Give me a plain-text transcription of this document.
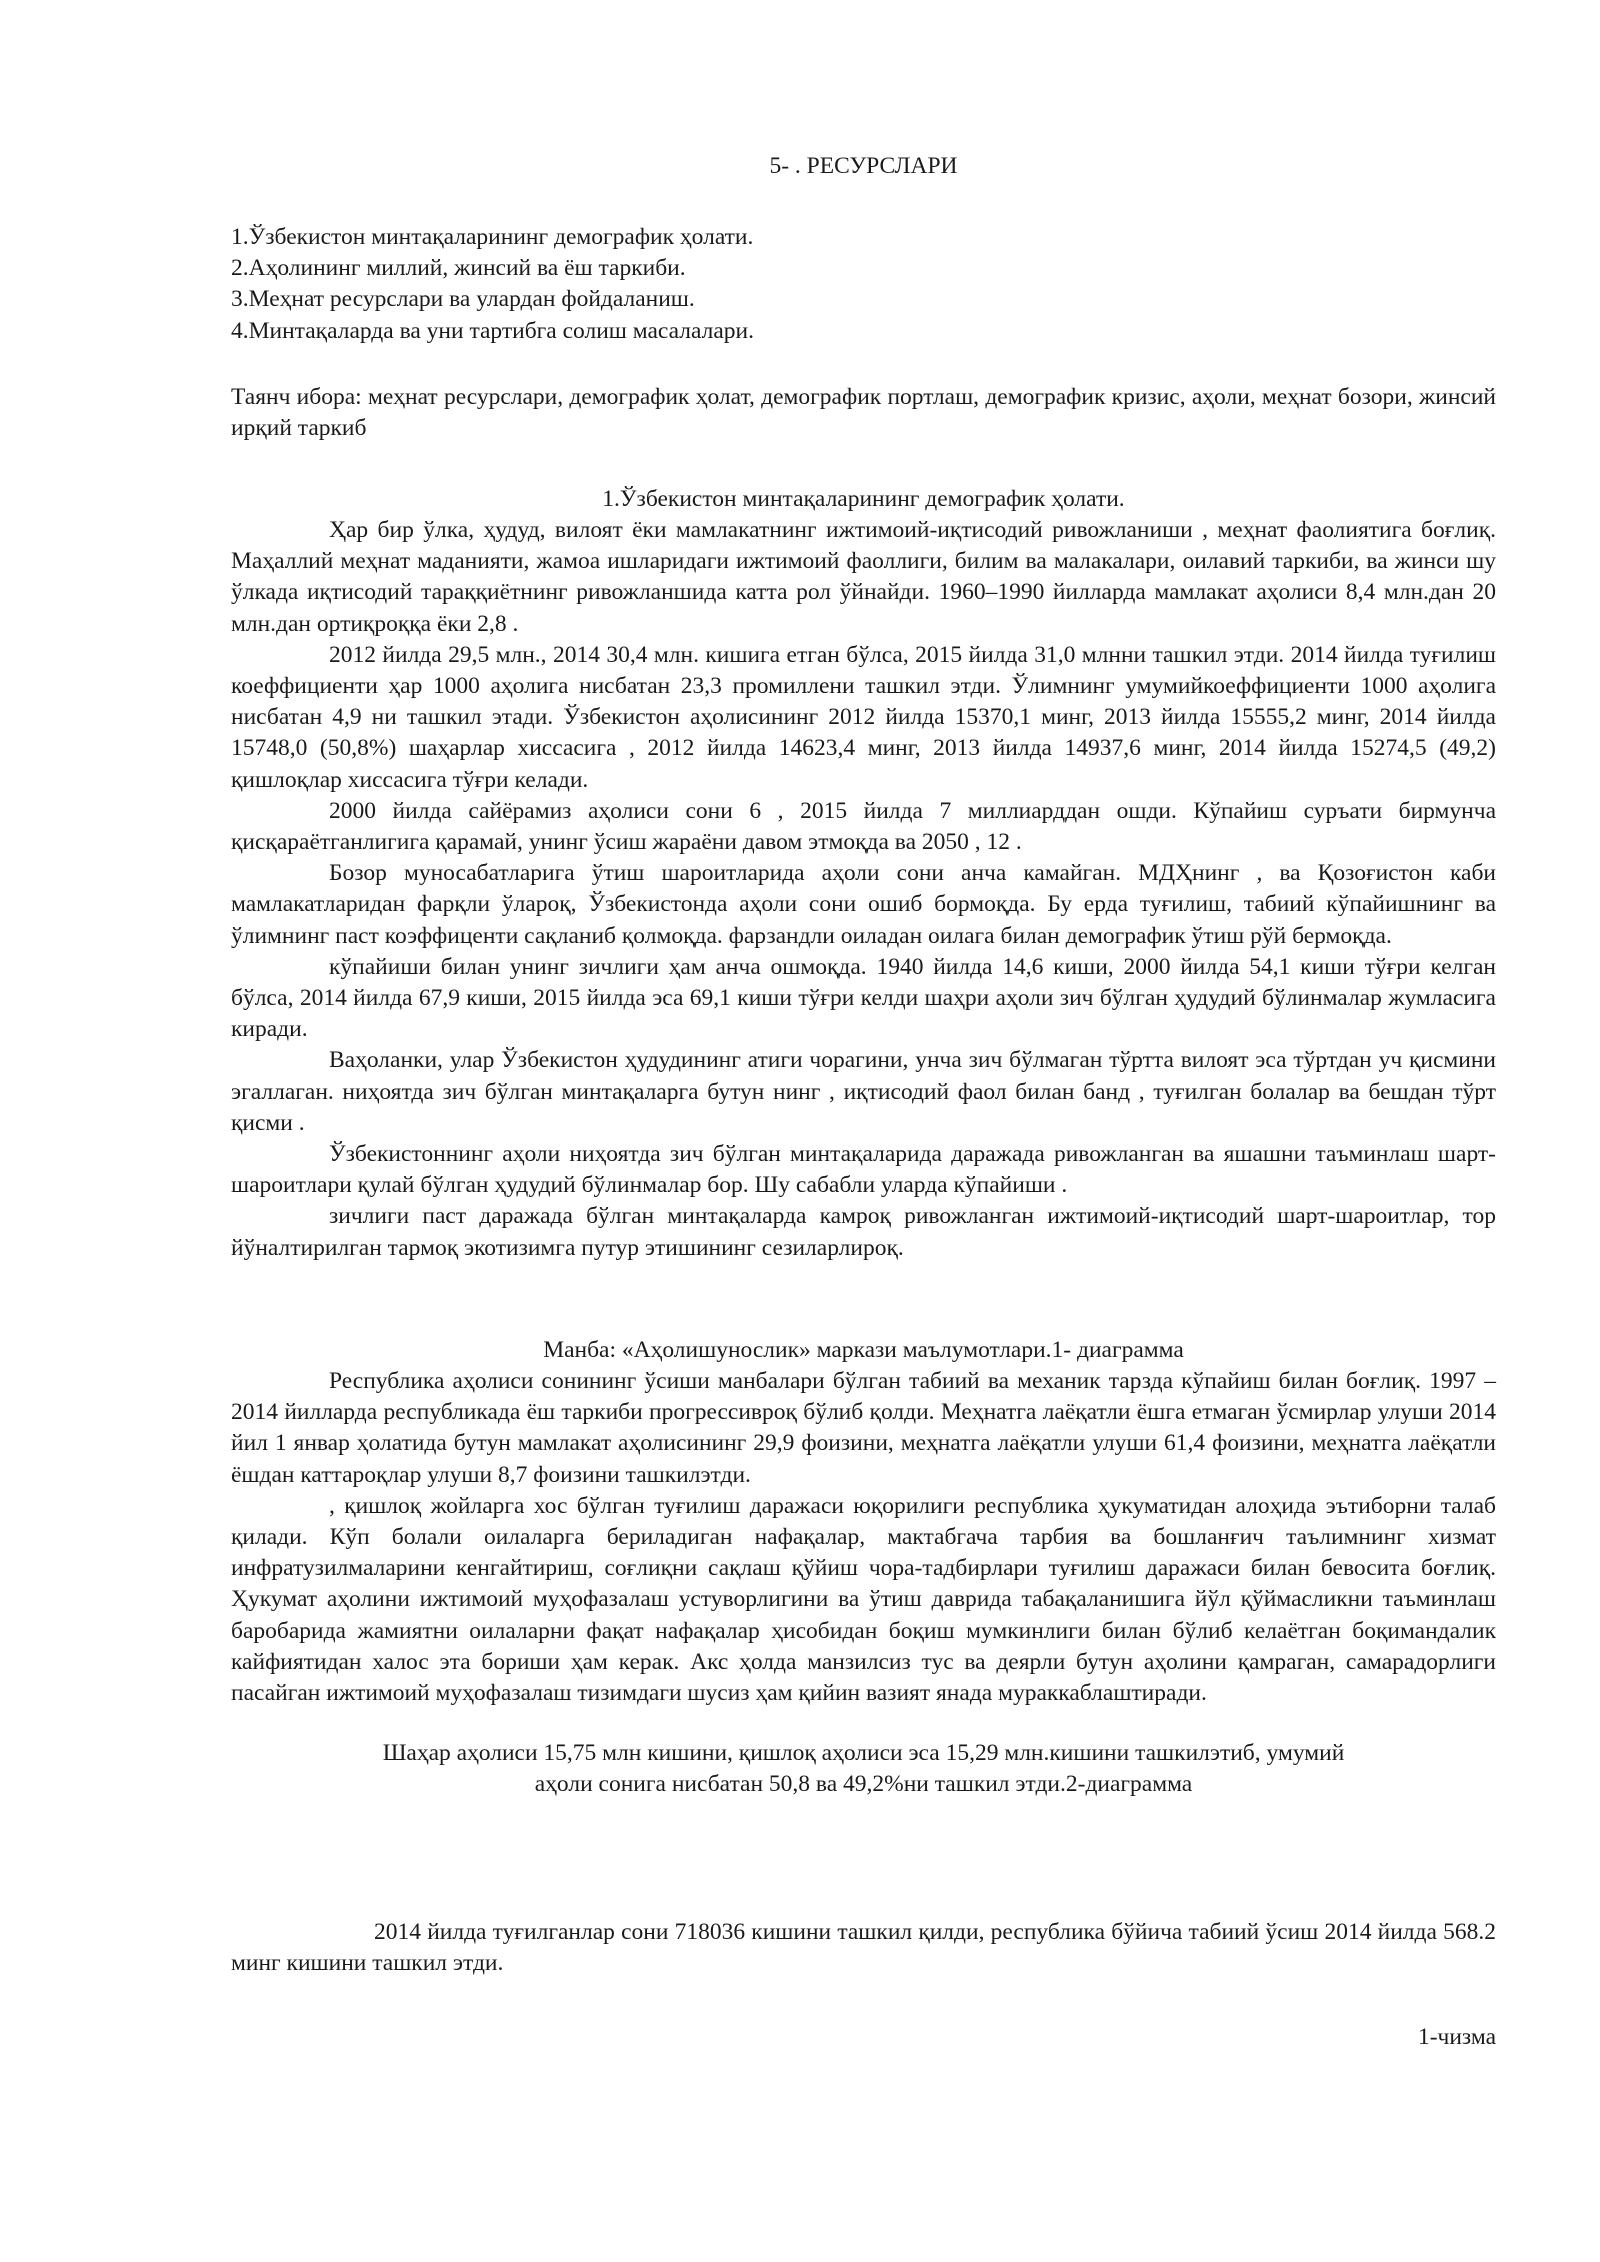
5- . РЕСУРСЛАРИ
1.Ўзбекистон минтақаларининг демографик ҳолати.
2.Аҳолининг миллий, жинсий ва ёш таркиби.
3.Меҳнат ресурслари ва улардан фойдаланиш.
4.Минтақаларда ва уни тартибга солиш масалалари.
Таянч ибора: меҳнат ресурслари, демографик ҳолат, демографик портлаш, демографик кризис, аҳоли, меҳнат бозори, жинсий ирқий таркиб
1.Ўзбекистон минтақаларининг демографик ҳолати.

Ҳар бир ўлка, ҳудуд, вилоят ёки мамлакатнинг ижтимоий-иқтисодий ривожланиши , меҳнат фаолиятига боғлиқ. Маҳаллий меҳнат маданияти, жамоа ишларидаги ижтимоий фаоллиги, билим ва малакалари, оилавий таркиби, ва жинси шу ўлкада иқтисодий тараққиётнинг ривожланшида катта рол ўйнайди. 1960–1990 йилларда мамлакат аҳолиси 8,4 млн.дан 20 млн.дан ортиқроққа ёки 2,8 .

2012 йилда 29,5 млн., 2014 30,4 млн. кишига етган бўлса, 2015 йилда 31,0 млнни ташкил этди. 2014 йилда туғилиш коеффициенти ҳар 1000 аҳолига нисбатан 23,3 промиллени ташкил этди. Ўлимнинг умумийкоеффициенти 1000 аҳолига нисбатан 4,9 ни ташкил этади. Ўзбекистон аҳолисининг 2012 йилда 15370,1 минг, 2013 йилда 15555,2 минг, 2014 йилда 15748,0 (50,8%) шаҳарлар хиссасига , 2012 йилда 14623,4 минг, 2013 йилда 14937,6 минг, 2014 йилда 15274,5 (49,2) қишлоқлар хиссасига тўғри келади.

2000 йилда сайёрамиз аҳолиси сони 6 , 2015 йилда 7 миллиарддан ошди. Кўпайиш суръати бирмунча қисқараётганлигига қарамай, унинг ўсиш жараёни давом этмоқда ва 2050 , 12 .

Бозор муносабатларига ўтиш шароитларида аҳоли сони анча камайган. МДҲнинг , ва Қозоғистон каби мамлакатларидан фарқли ўлароқ, Ўзбекистонда аҳоли сони ошиб бормоқда. Бу ерда туғилиш, табиий кўпайишнинг ва ўлимнинг паст коэффиценти сақланиб қолмоқда. фарзандли оиладан оилага билан демографик ўтиш рўй бермоқда.

кўпайиши билан унинг зичлиги ҳам анча ошмоқда. 1940 йилда 14,6 киши, 2000 йилда 54,1 киши тўғри келган бўлса, 2014 йилда 67,9 киши, 2015 йилда эса 69,1 киши тўғри келди шаҳри аҳоли зич бўлган ҳудудий бўлинмалар жумласига киради.

Ваҳоланки, улар Ўзбекистон ҳудудининг атиги чорагини, унча зич бўлмаган тўртта вилоят эса тўртдан уч қисмини эгаллаган. ниҳоятда зич бўлган минтақаларга бутун нинг , иқтисодий фаол билан банд , туғилган болалар ва бешдан тўрт қисми .

Ўзбекистоннинг аҳоли ниҳоятда зич бўлган минтақаларида даражада ривожланган ва яшашни таъминлаш шарт-шароитлари қулай бўлган ҳудудий бўлинмалар бор. Шу сабабли уларда кўпайиши .

зичлиги паст даражада бўлган минтақаларда камроқ ривожланган ижтимоий-иқтисодий шарт-шароитлар, тор йўналтирилган тармоқ экотизимга путур этишининг сезиларлироқ.

Манба: «Аҳолишунослик» маркази маълумотлари.1- диаграмма

Республика аҳолиси сонининг ўсиши манбалари бўлган табиий ва механик тарзда кўпайиш билан боғлиқ. 1997 – 2014 йилларда республикада ёш таркиби прогрессивроқ бўлиб қолди. Меҳнатга лаёқатли ёшга етмаган ўсмирлар улуши 2014 йил 1 январ ҳолатида бутун мамлакат аҳолисининг 29,9 фоизини, меҳнатга лаёқатли улуши 61,4 фоизини, меҳнатга лаёқатли ёшдан каттароқлар улуши 8,7 фоизини ташкилэтди.

, қишлоқ жойларга хос бўлган туғилиш даражаси юқорилиги республика ҳукуматидан алоҳида эътиборни талаб қилади. Кўп болали оилаларга бериладиган нафақалар, мактабгача тарбия ва бошланғич таълимнинг хизмат инфратузилмаларини кенгайтириш, соғлиқни сақлаш қўйиш чора-тадбирлари туғилиш даражаси билан бевосита боғлиқ. Ҳукумат аҳолини ижтимоий муҳофазалаш устуворлигини ва ўтиш даврида табақаланишига йўл қўймасликни таъминлаш баробарида жамиятни оилаларни фақат нафақалар ҳисобидан боқиш мумкинлиги билан бўлиб келаётган боқимандалик кайфиятидан халос эта бориши ҳам керак. Акс ҳолда манзилсиз тус ва деярли бутун аҳолини қамраган, самарадорлиги пасайган ижтимоий муҳофазалаш тизимдаги шусиз ҳам қийин вазият янада мураккаблаштиради.

Шаҳар аҳолиси 15,75 млн кишини, қишлоқ аҳолиси эса 15,29 млн.кишини ташкилэтиб, умумий
аҳоли сонига нисбатан 50,8 ва 49,2%ни ташкил этди.2-диаграмма

2014 йилда туғилганлар сони 718036 кишини ташкил қилди, республика бўйича табиий ўсиш 2014 йилда 568.2 минг кишини ташкил этди.

1-чизма
